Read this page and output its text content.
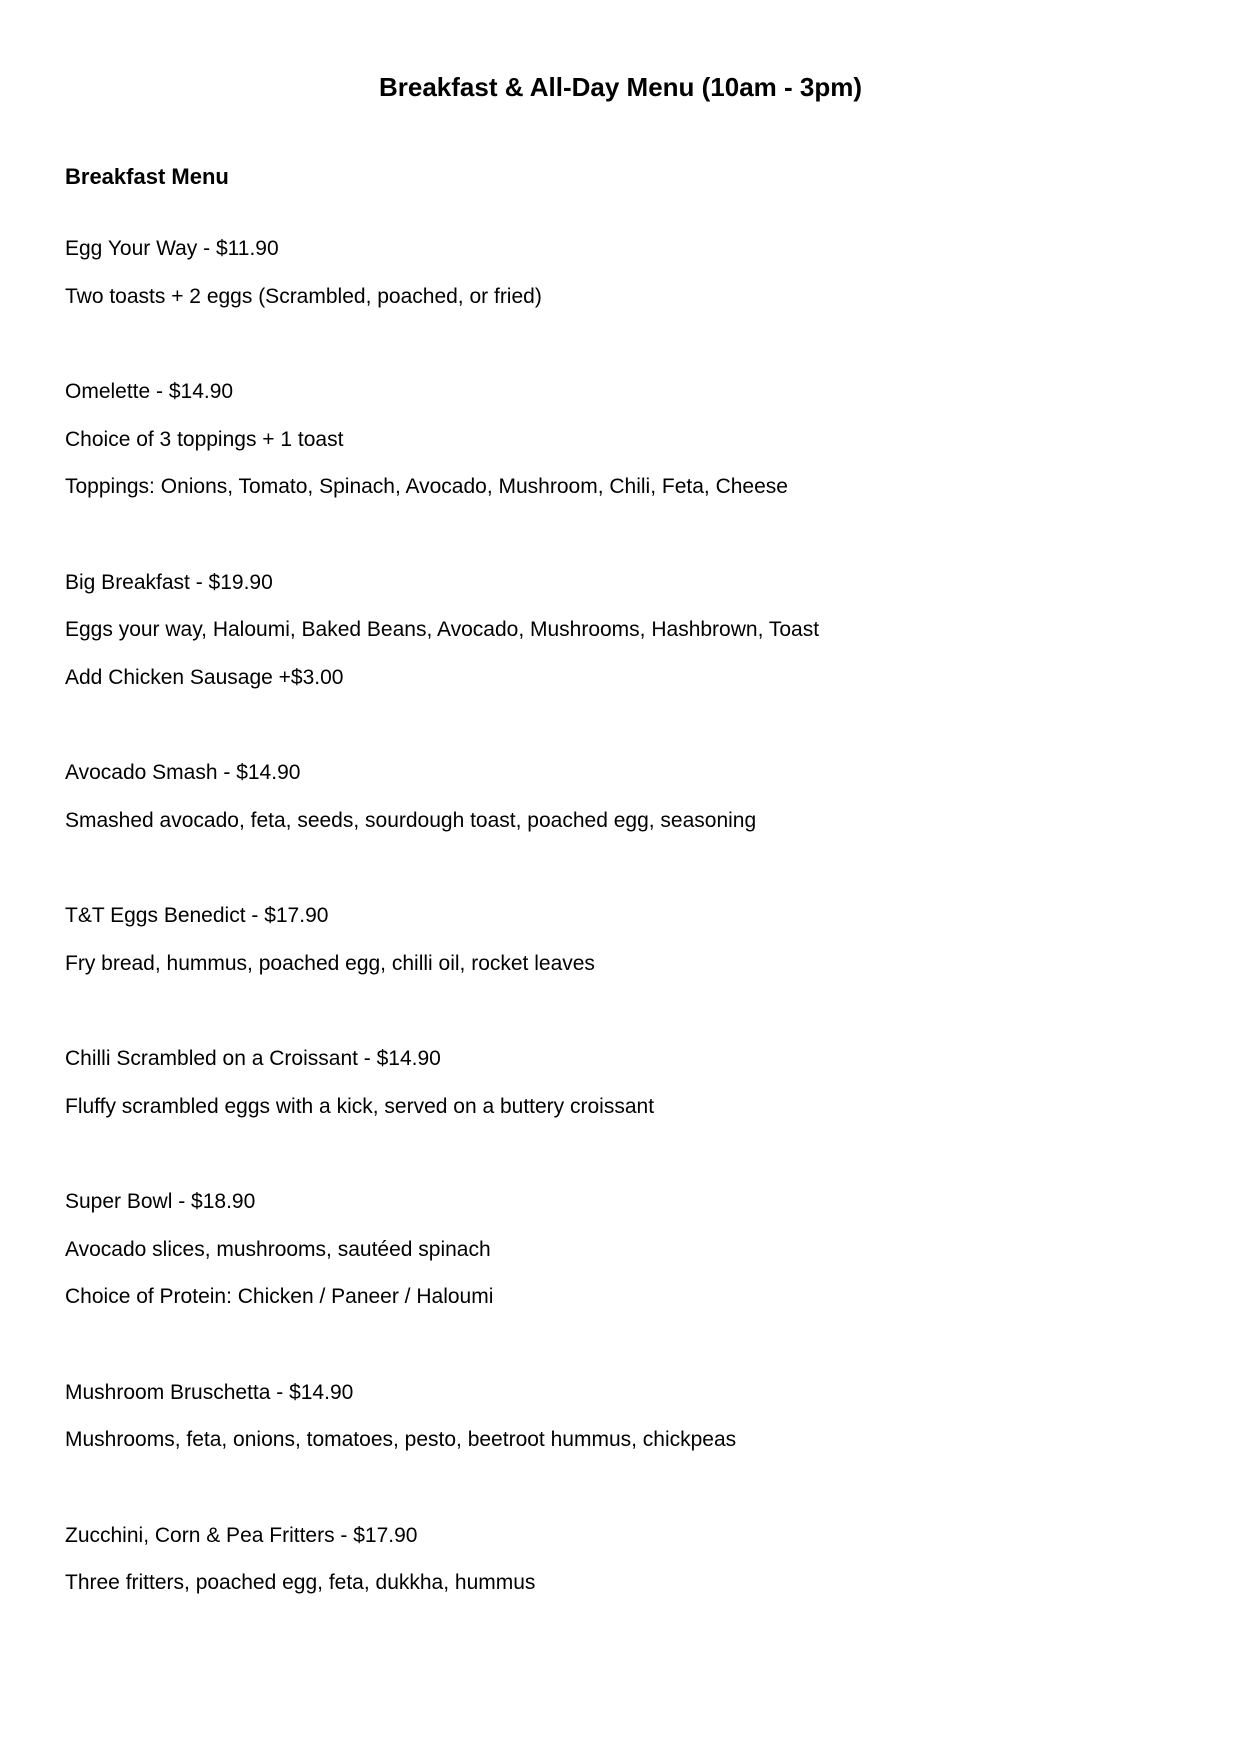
Breakfast & All-Day Menu (10am - 3pm)
Breakfast Menu
Egg Your Way - $11.90
Two toasts + 2 eggs (Scrambled, poached, or fried)
Omelette - $14.90
Choice of 3 toppings + 1 toast
Toppings: Onions, Tomato, Spinach, Avocado, Mushroom, Chili, Feta, Cheese
Big Breakfast - $19.90
Eggs your way, Haloumi, Baked Beans, Avocado, Mushrooms, Hashbrown, Toast
Add Chicken Sausage +$3.00
Avocado Smash - $14.90
Smashed avocado, feta, seeds, sourdough toast, poached egg, seasoning
T&T Eggs Benedict - $17.90
Fry bread, hummus, poached egg, chilli oil, rocket leaves
Chilli Scrambled on a Croissant - $14.90
Fluffy scrambled eggs with a kick, served on a buttery croissant
Super Bowl - $18.90
Avocado slices, mushrooms, sautéed spinach
Choice of Protein: Chicken / Paneer / Haloumi
Mushroom Bruschetta - $14.90
Mushrooms, feta, onions, tomatoes, pesto, beetroot hummus, chickpeas
Zucchini, Corn & Pea Fritters - $17.90
Three fritters, poached egg, feta, dukkha, hummus
